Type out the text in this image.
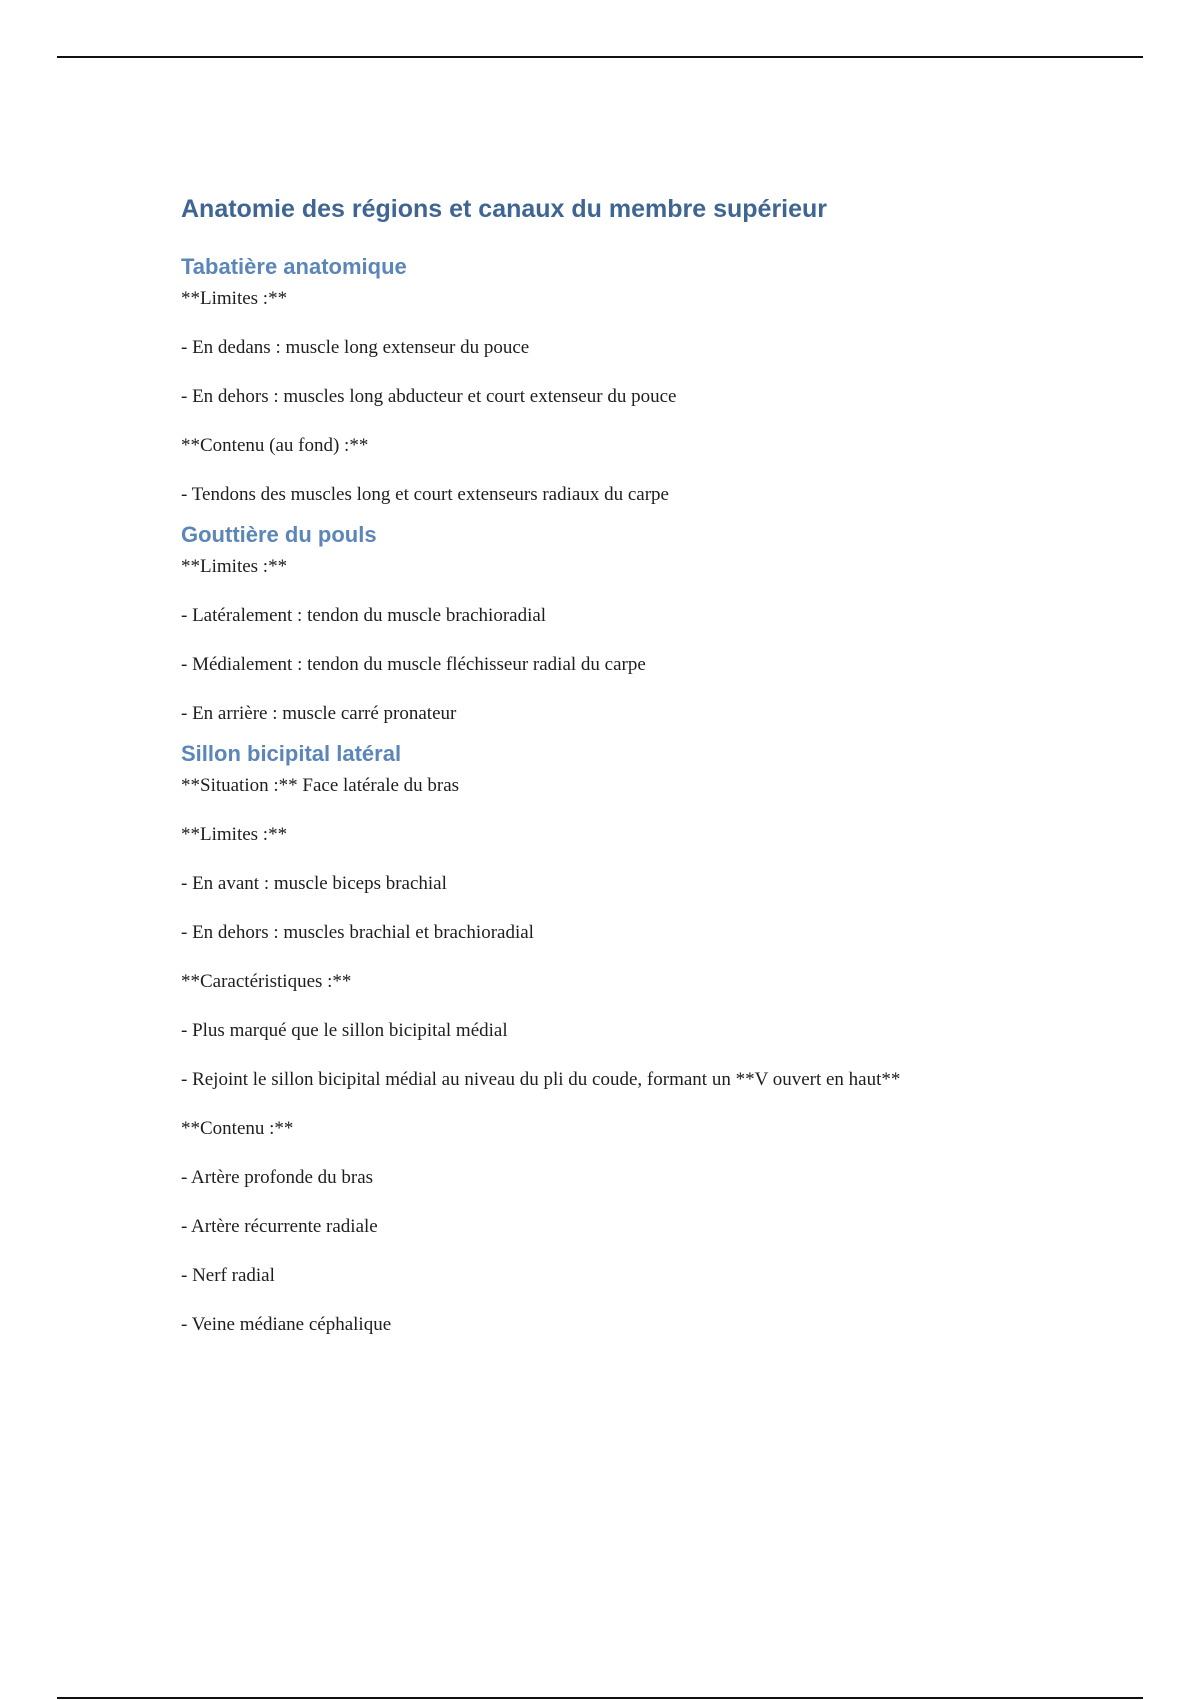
Anatomie des régions et canaux du membre supérieur
Tabatière anatomique

**Limites :**

- En dedans : muscle long extenseur du pouce

- En dehors : muscles long abducteur et court extenseur du pouce

**Contenu (au fond) :**

- Tendons des muscles long et court extenseurs radiaux du carpe

Gouttière du pouls

**Limites :**

- Latéralement : tendon du muscle brachioradial

- Médialement : tendon du muscle fléchisseur radial du carpe

- En arrière : muscle carré pronateur

Sillon bicipital latéral

**Situation :** Face latérale du bras

**Limites :**

- En avant : muscle biceps brachial

- En dehors : muscles brachial et brachioradial

**Caractéristiques :**

- Plus marqué que le sillon bicipital médial

- Rejoint le sillon bicipital médial au niveau du pli du coude, formant un **V ouvert en haut**

**Contenu :**

- Artère profonde du bras

- Artère récurrente radiale

- Nerf radial

- Veine médiane céphalique
